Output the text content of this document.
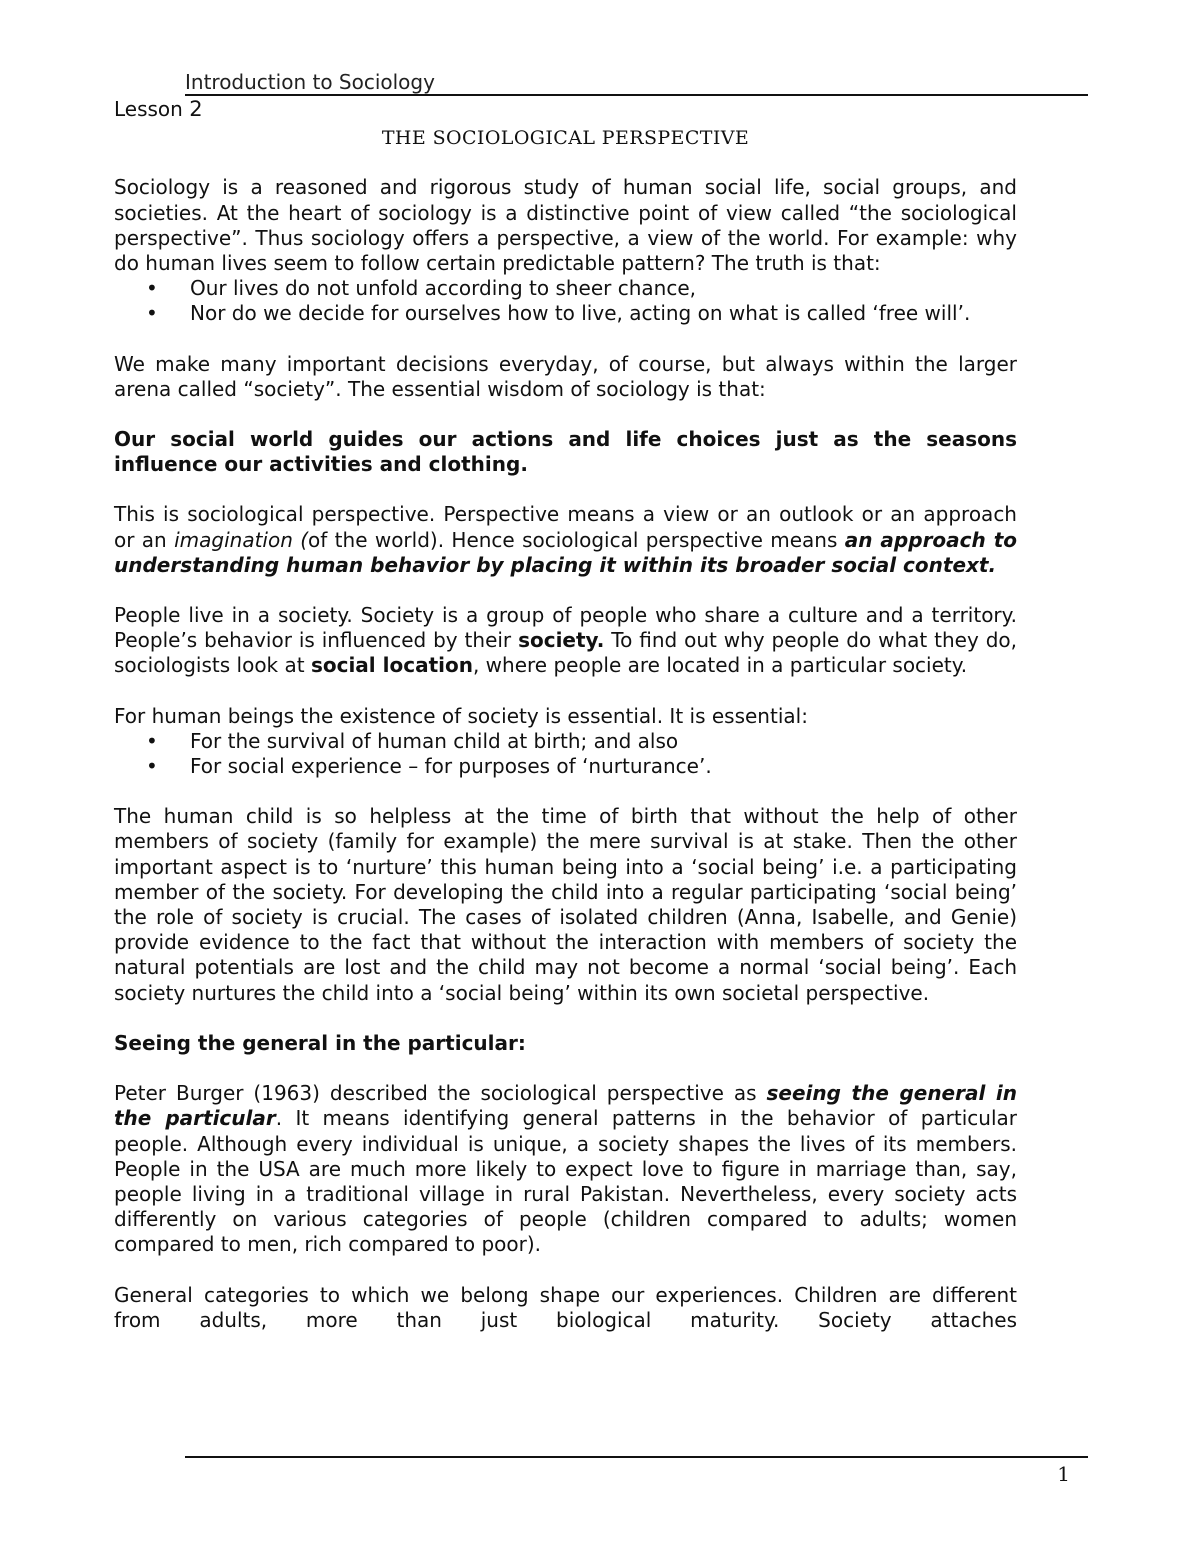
Introduction to Sociology

Lesson 2

THE SOCIOLOGICAL PERSPECTIVE

Sociology is a reasoned and rigorous study of human social life, social groups, and societies. At the heart of sociology is a distinctive point of view called “the sociological perspective”. Thus sociology offers a perspective, a view of the world. For example: why do human lives seem to follow certain predictable pattern? The truth is that:

• Our lives do not unfold according to sheer chance,
• Nor do we decide for ourselves how to live, acting on what is called ‘free will’.

We make many important decisions everyday, of course, but always within the larger arena called “society”. The essential wisdom of sociology is that:

Our social world guides our actions and life choices just as the seasons influence our activities and clothing.

This is sociological perspective. Perspective means a view or an outlook or an approach or an imagination (of the world). Hence sociological perspective means an approach to understanding human behavior by placing it within its broader social context.

People live in a society. Society is a group of people who share a culture and a territory. People’s behavior is influenced by their society. To find out why people do what they do, sociologists look at social location, where people are located in a particular society.

For human beings the existence of society is essential. It is essential:

• For the survival of human child at birth; and also
• For social experience – for purposes of ‘nurturance’.

The human child is so helpless at the time of birth that without the help of other members of society (family for example) the mere survival is at stake. Then the other important aspect is to ‘nurture’ this human being into a ‘social being’ i.e. a participating member of the society. For developing the child into a regular participating ‘social being’ the role of society is crucial. The cases of isolated children (Anna, Isabelle, and Genie) provide evidence to the fact that without the interaction with members of society the natural potentials are lost and the child may not become a normal ‘social being’. Each society nurtures the child into a ‘social being’ within its own societal perspective.

Seeing the general in the particular:

Peter Burger (1963) described the sociological perspective as seeing the general in the particular. It means identifying general patterns in the behavior of particular people. Although every individual is unique, a society shapes the lives of its members. People in the USA are much more likely to expect love to figure in marriage than, say, people living in a traditional village in rural Pakistan. Nevertheless, every society acts differently on various categories of people (children compared to adults; women compared to men, rich compared to poor).

General categories to which we belong shape our experiences. Children are different from adults, more than just biological maturity. Society attaches

1
